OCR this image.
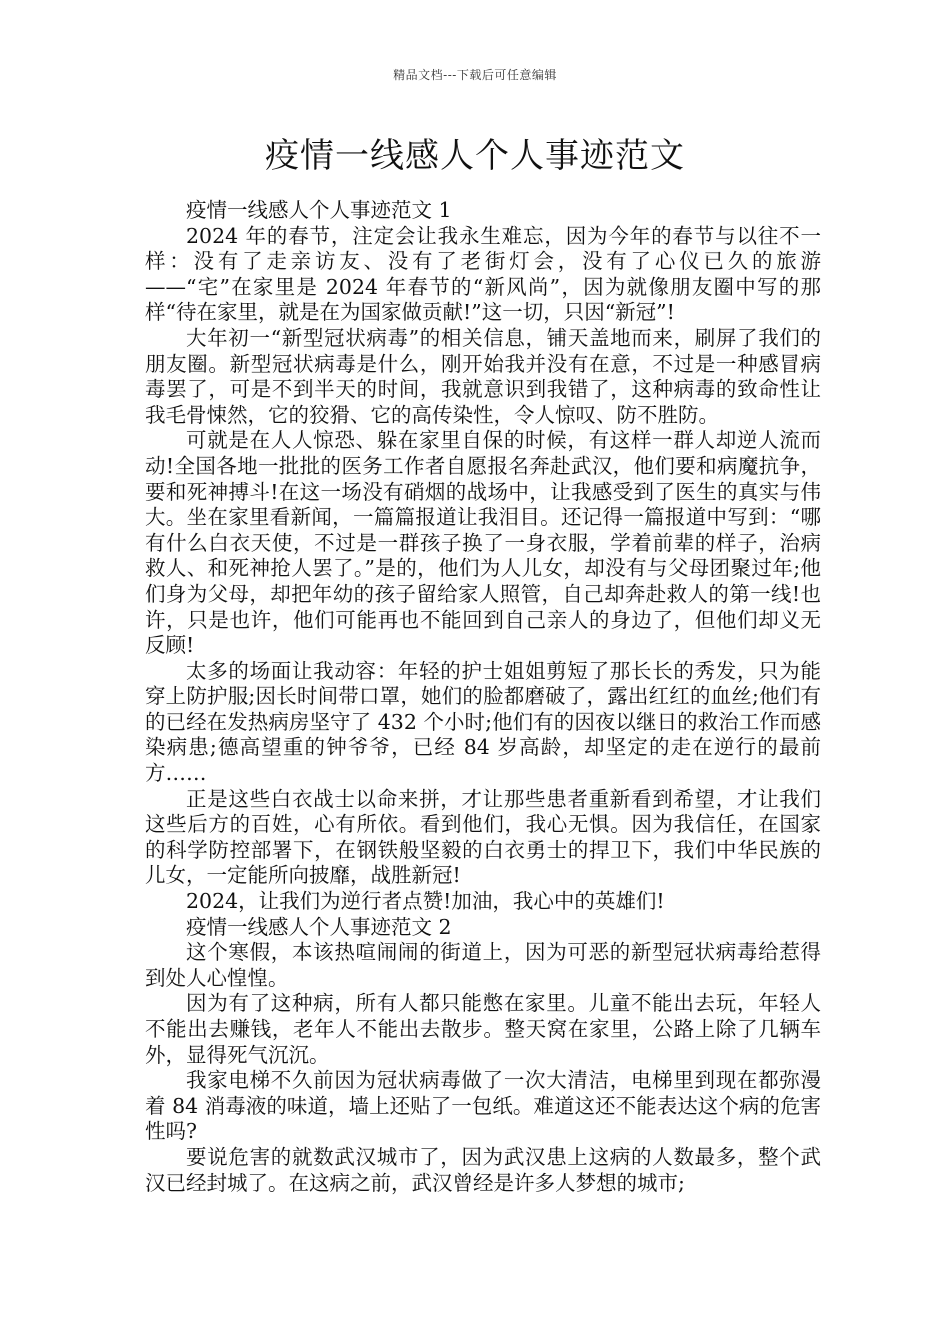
精品文档---下载后可任意编辑
疫情一线感人个人事迹范文

疫情一线感人个人事迹范文 1

2024 年的春节，注定会让我永生难忘，因为今年的春节与以往不一样：没有了走亲访友、没有了老街灯会，没有了心仪已久的旅游——“宅”在家里是 2024 年春节的“新风尚”，因为就像朋友圈中写的那样“待在家里，就是在为国家做贡献!”这一切，只因“新冠”!

大年初一“新型冠状病毒”的相关信息，铺天盖地而来，刷屏了我们的朋友圈。新型冠状病毒是什么，刚开始我并没有在意，不过是一种感冒病毒罢了，可是不到半天的时间，我就意识到我错了，这种病毒的致命性让我毛骨悚然，它的狡猾、它的高传染性，令人惊叹、防不胜防。

可就是在人人惊恐、躲在家里自保的时候，有这样一群人却逆人流而动!全国各地一批批的医务工作者自愿报名奔赴武汉，他们要和病魔抗争，要和死神搏斗!在这一场没有硝烟的战场中，让我感受到了医生的真实与伟大。坐在家里看新闻，一篇篇报道让我泪目。还记得一篇报道中写到：“哪有什么白衣天使，不过是一群孩子换了一身衣服，学着前辈的样子，治病救人、和死神抢人罢了。”是的，他们为人儿女，却没有与父母团聚过年;他们身为父母，却把年幼的孩子留给家人照管，自己却奔赴救人的第一线!也许，只是也许，他们可能再也不能回到自己亲人的身边了，但他们却义无反顾!

太多的场面让我动容：年轻的护士姐姐剪短了那长长的秀发，只为能穿上防护服;因长时间带口罩，她们的脸都磨破了，露出红红的血丝;他们有的已经在发热病房坚守了 432 个小时;他们有的因夜以继日的救治工作而感染病患;德高望重的钟爷爷，已经 84 岁高龄，却坚定的走在逆行的最前方……

正是这些白衣战士以命来拼，才让那些患者重新看到希望，才让我们这些后方的百姓，心有所依。看到他们，我心无惧。因为我信任，在国家的科学防控部署下，在钢铁般坚毅的白衣勇士的捍卫下，我们中华民族的儿女，一定能所向披靡，战胜新冠!

2024，让我们为逆行者点赞!加油，我心中的英雄们!

疫情一线感人个人事迹范文 2

这个寒假，本该热喧闹闹的街道上，因为可恶的新型冠状病毒给惹得到处人心惶惶。

因为有了这种病，所有人都只能憋在家里。儿童不能出去玩，年轻人不能出去赚钱，老年人不能出去散步。整天窝在家里，公路上除了几辆车外，显得死气沉沉。

我家电梯不久前因为冠状病毒做了一次大清洁，电梯里到现在都弥漫着 84 消毒液的味道，墙上还贴了一包纸。难道这还不能表达这个病的危害性吗?

要说危害的就数武汉城市了，因为武汉患上这病的人数最多，整个武汉已经封城了。在这病之前，武汉曾经是许多人梦想的城市;
